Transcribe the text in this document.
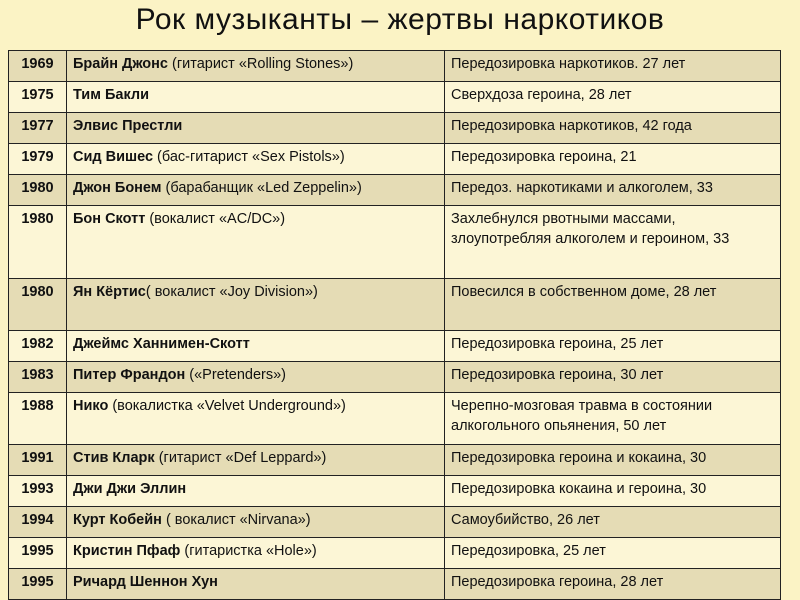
Рок музыканты – жертвы наркотиков
1969	Брайн Джонс (гитарист «Rolling Stones»)	Передозировка наркотиков. 27 лет
1975	Тим Бакли	Сверхдоза героина, 28 лет
1977	Элвис Престли	Передозировка наркотиков, 42 года
1979	Сид Вишес (бас-гитарист «Sex Pistols»)	Передозировка героина, 21
1980	Джон Бонем (барабанщик «Led Zeppelin»)	Передоз. наркотиками и алкоголем, 33
1980	Бон Скотт (вокалист «AC/DC»)	Захлебнулся рвотными массами, злоупотребляя алкоголем и героином, 33
1980	Ян Кёртис( вокалист «Joy Division»)	Повесился в собственном доме, 28 лет
1982	Джеймс Ханнимен-Скотт	Передозировка героина, 25 лет
1983	Питер Франдон («Pretenders»)	Передозировка героина, 30 лет
1988	Нико (вокалистка «Velvet Underground»)	Черепно-мозговая травма в состоянии алкогольного опьянения, 50 лет
1991	Стив Кларк (гитарист «Def Leppard»)	Передозировка героина и кокаина, 30
1993	Джи Джи Эллин	Передозировка кокаина и героина, 30
1994	Курт Кобейн ( вокалист «Nirvana»)	Самоубийство, 26 лет
1995	Кристин Пфаф (гитаристка «Hole»)	Передозировка, 25 лет
1995	Ричард Шеннон Хун	Передозировка героина, 28 лет
